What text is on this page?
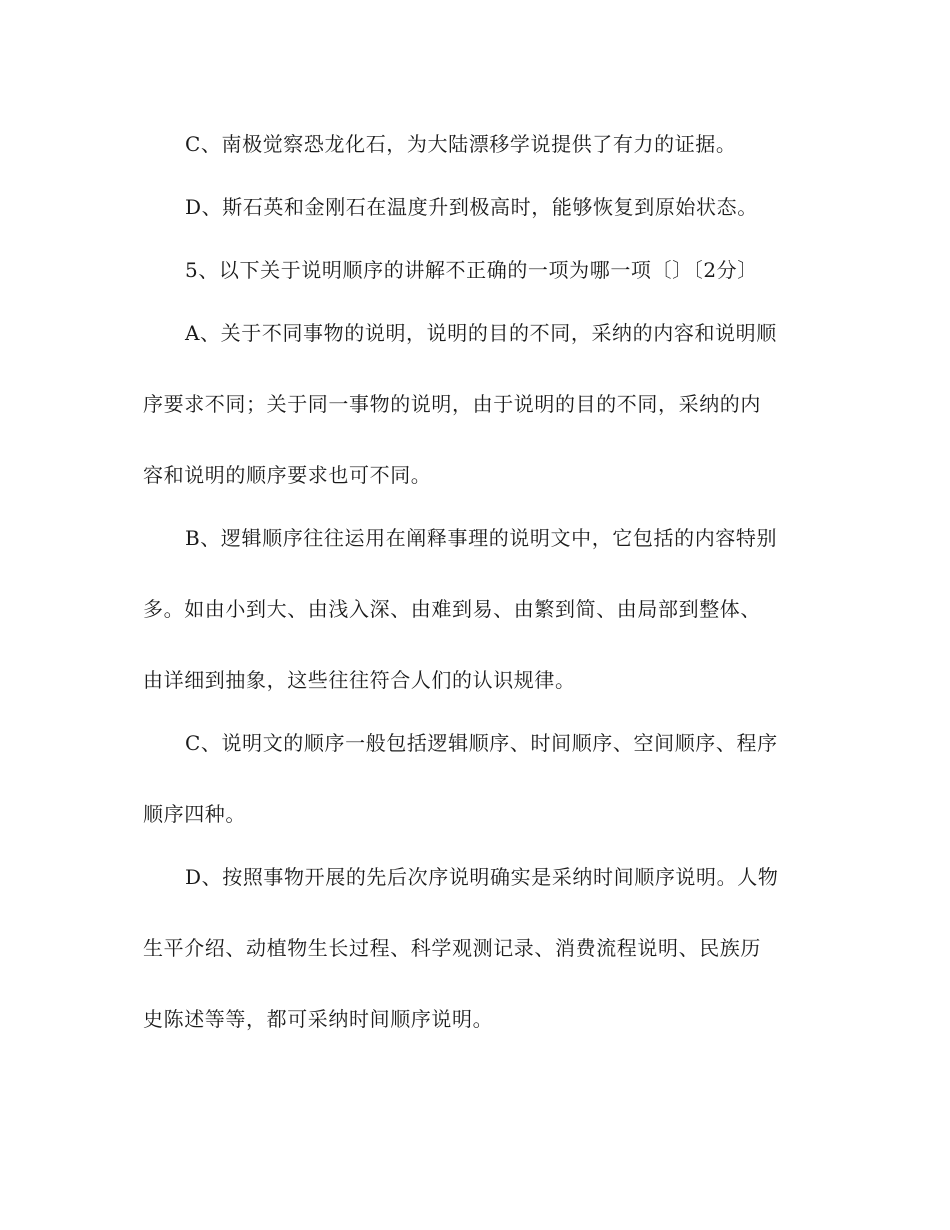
C、南极觉察恐龙化石，为大陆漂移学说提供了有力的证据。
D、斯石英和金刚石在温度升到极高时，能够恢复到原始状态。
5、以下关于说明顺序的讲解不正确的一项为哪一项〔〕〔2分〕
A、关于不同事物的说明，说明的目的不同，采纳的内容和说明顺
序要求不同；关于同一事物的说明，由于说明的目的不同，采纳的内
容和说明的顺序要求也可不同。
B、逻辑顺序往往运用在阐释事理的说明文中，它包括的内容特别
多。如由小到大、由浅入深、由难到易、由繁到简、由局部到整体、
由详细到抽象，这些往往符合人们的认识规律。
C、说明文的顺序一般包括逻辑顺序、时间顺序、空间顺序、程序
顺序四种。
D、按照事物开展的先后次序说明确实是采纳时间顺序说明。人物
生平介绍、动植物生长过程、科学观测记录、消费流程说明、民族历
史陈述等等，都可采纳时间顺序说明。
